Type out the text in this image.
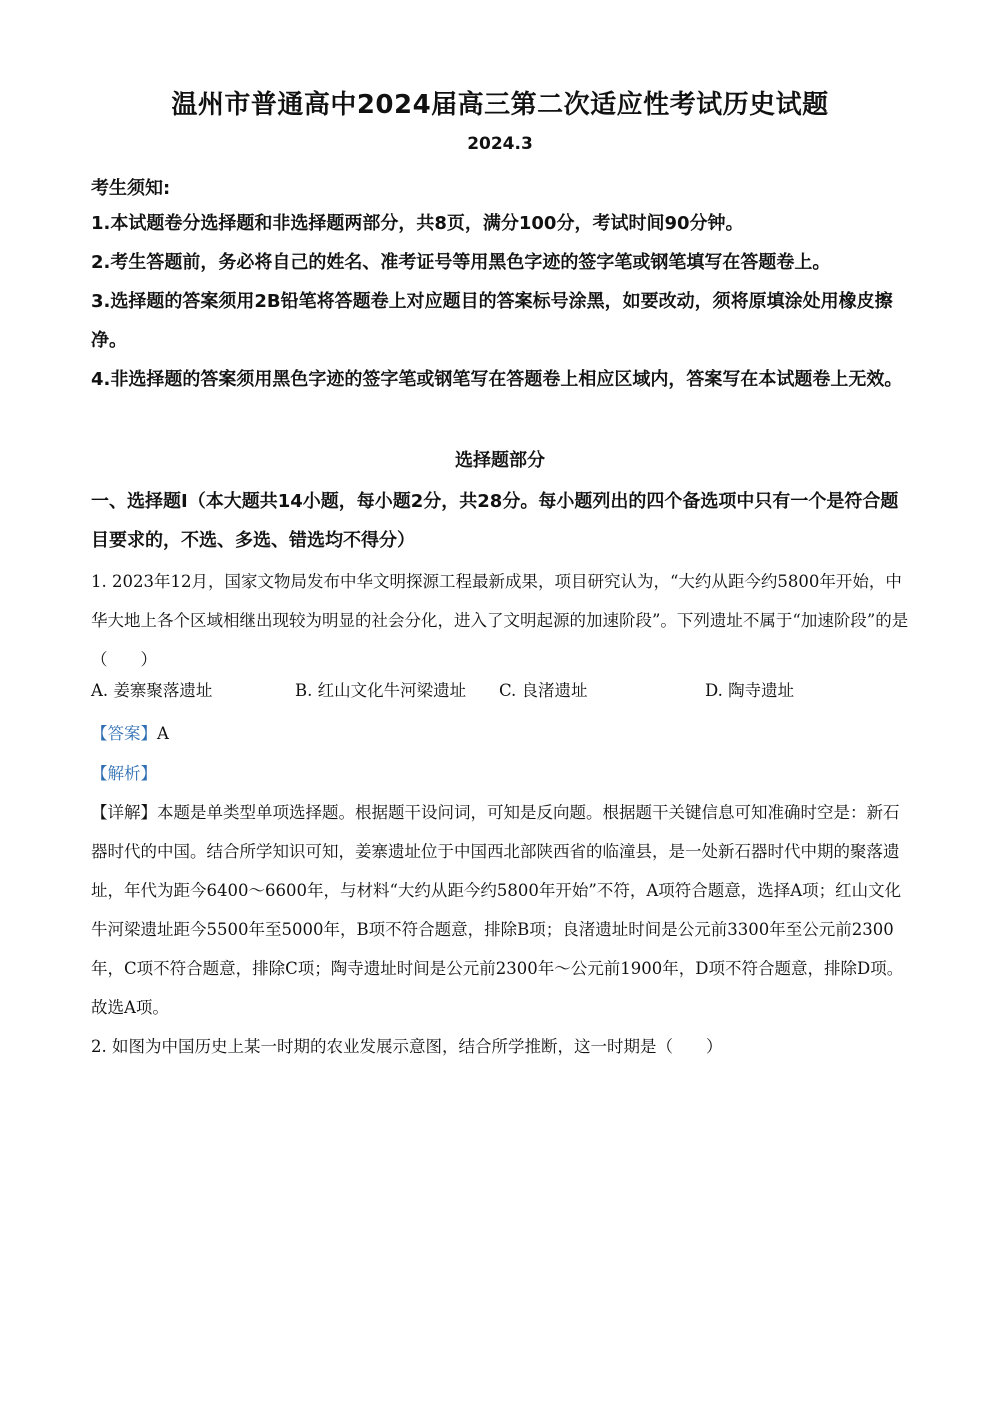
温州市普通高中2024届高三第二次适应性考试历史试题
2024.3
考生须知:
1.本试题卷分选择题和非选择题两部分，共8页，满分100分，考试时间90分钟。
2.考生答题前，务必将自己的姓名、准考证号等用黑色字迹的签字笔或钢笔填写在答题卷上。
3.选择题的答案须用2B铅笔将答题卷上对应题目的答案标号涂黑，如要改动，须将原填涂处用橡皮擦净。
4.非选择题的答案须用黑色字迹的签字笔或钢笔写在答题卷上相应区域内，答案写在本试题卷上无效。
选择题部分
一、选择题Ⅰ（本大题共14小题，每小题2分，共28分。每小题列出的四个备选项中只有一个是符合题目要求的，不选、多选、错选均不得分）
1. 2023年12月，国家文物局发布中华文明探源工程最新成果，项目研究认为，“大约从距今约5800年开始，中华大地上各个区域相继出现较为明显的社会分化，进入了文明起源的加速阶段”。下列遗址不属于“加速阶段”的是（　　）
A. 姜寨聚落遗址	B. 红山文化牛河梁遗址 C. 良渚遗址	D. 陶寺遗址
【答案】A
【解析】
【详解】本题是单类型单项选择题。根据题干设问词，可知是反向题。根据题干关键信息可知准确时空是：新石器时代的中国。结合所学知识可知，姜寨遗址位于中国西北部陕西省的临潼县，是一处新石器时代中期的聚落遗址，年代为距今6400～6600年，与材料“大约从距今约5800年开始”不符，A项符合题意，选择A项；红山文化牛河梁遗址距今5500年至5000年，B项不符合题意，排除B项；良渚遗址时间是公元前3300年至公元前2300年，C项不符合题意，排除C项；陶寺遗址时间是公元前2300年～公元前1900年，D项不符合题意，排除D项。故选A项。
2. 如图为中国历史上某一时期的农业发展示意图，结合所学推断，这一时期是（　　）
